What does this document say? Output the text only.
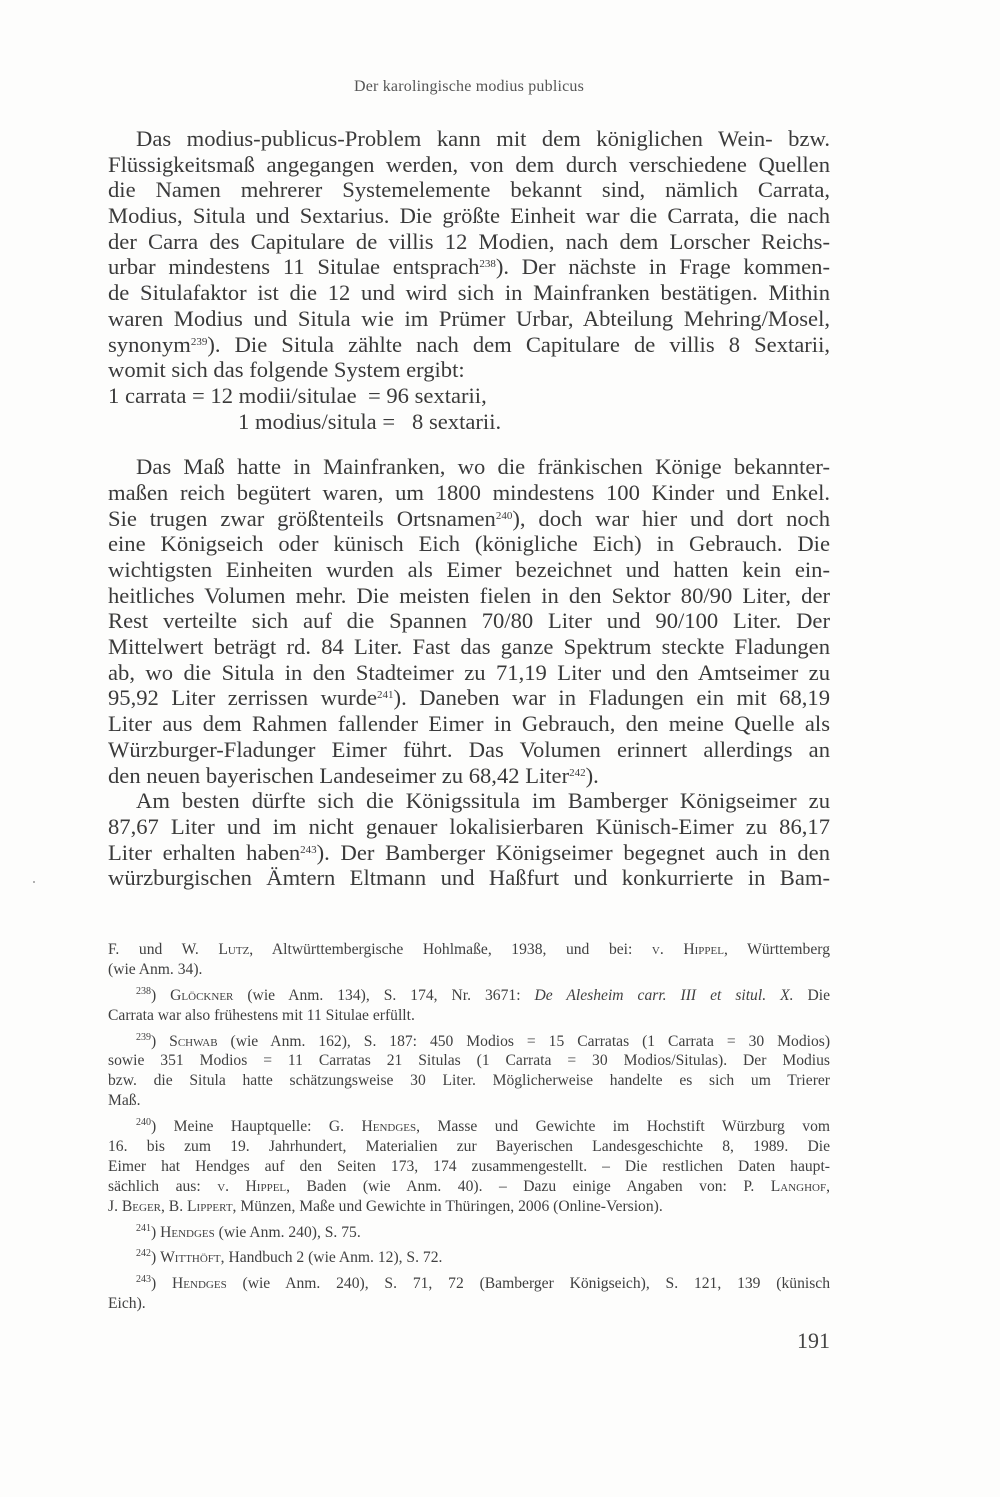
Der karolingische modius publicus
Das modius-publicus-Problem kann mit dem königlichen Wein- bzw.
Flüssigkeitsmaß angegangen werden, von dem durch verschiedene Quellen
die Namen mehrerer Systemelemente bekannt sind, nämlich Carrata,
Modius, Situla und Sextarius. Die größte Einheit war die Carrata, die nach
der Carra des Capitulare de villis 12 Modien, nach dem Lorscher Reichs-
urbar mindestens 11 Situlae entsprach$^{238}$). Der nächste in Frage kommen-
de Situlafaktor ist die 12 und wird sich in Mainfranken bestätigen. Mithin
waren Modius und Situla wie im Prümer Urbar, Abteilung Mehring/Mosel,
synonym$^{239}$). Die Situla zählte nach dem Capitulare de villis 8 Sextarii,
womit sich das folgende System ergibt:
1 carrata = 12 modii/situlae  = 96 sextarii,
1 modius/situla =   8 sextarii.
Das Maß hatte in Mainfranken, wo die fränkischen Könige bekannter-
maßen reich begütert waren, um 1800 mindestens 100 Kinder und Enkel.
Sie trugen zwar größtenteils Ortsnamen$^{240}$), doch war hier und dort noch
eine Königseich oder künisch Eich (königliche Eich) in Gebrauch. Die
wichtigsten Einheiten wurden als Eimer bezeichnet und hatten kein ein-
heitliches Volumen mehr. Die meisten fielen in den Sektor 80/90 Liter, der
Rest verteilte sich auf die Spannen 70/80 Liter und 90/100 Liter. Der
Mittelwert beträgt rd. 84 Liter. Fast das ganze Spektrum steckte Fladungen
ab, wo die Situla in den Stadteimer zu 71,19 Liter und den Amtseimer zu
95,92 Liter zerrissen wurde$^{241}$). Daneben war in Fladungen ein mit 68,19
Liter aus dem Rahmen fallender Eimer in Gebrauch, den meine Quelle als
Würzburger-Fladunger Eimer führt. Das Volumen erinnert allerdings an
den neuen bayerischen Landeseimer zu 68,42 Liter$^{242}$).
Am besten dürfte sich die Königssitula im Bamberger Königseimer zu
87,67 Liter und im nicht genauer lokalisierbaren Künisch-Eimer zu 86,17
Liter erhalten haben$^{243}$). Der Bamberger Königseimer begegnet auch in den
würzburgischen Ämtern Eltmann und Haßfurt und konkurrierte in Bam-
F. und W. Lutz, Altwürttembergische Hohlmaße, 1938, und bei: v. Hippel, Württemberg
(wie Anm. 34).
$^{238}$) Glöckner (wie Anm. 134), S. 174, Nr. 3671: De Alesheim carr. III et situl. X. Die
Carrata war also frühestens mit 11 Situlae erfüllt.
$^{239}$) Schwab (wie Anm. 162), S. 187: 450 Modios = 15 Carratas (1 Carrata = 30 Modios)
sowie 351 Modios = 11 Carratas 21 Situlas (1 Carrata = 30 Modios/Situlas). Der Modius
bzw. die Situla hatte schätzungsweise 30 Liter. Möglicherweise handelte es sich um Trierer
Maß.
$^{240}$) Meine Hauptquelle: G. Hendges, Masse und Gewichte im Hochstift Würzburg vom
16. bis zum 19. Jahrhundert, Materialien zur Bayerischen Landesgeschichte 8, 1989. Die
Eimer hat Hendges auf den Seiten 173, 174 zusammengestellt. – Die restlichen Daten haupt-
sächlich aus: v. Hippel, Baden (wie Anm. 40). – Dazu einige Angaben von: P. Langhof,
J. Beger, B. Lippert, Münzen, Maße und Gewichte in Thüringen, 2006 (Online-Version).
$^{241}$) Hendges (wie Anm. 240), S. 75.
$^{242}$) Witthöft, Handbuch 2 (wie Anm. 12), S. 72.
$^{243}$) Hendges (wie Anm. 240), S. 71, 72 (Bamberger Königseich), S. 121, 139 (künisch
Eich).
191
